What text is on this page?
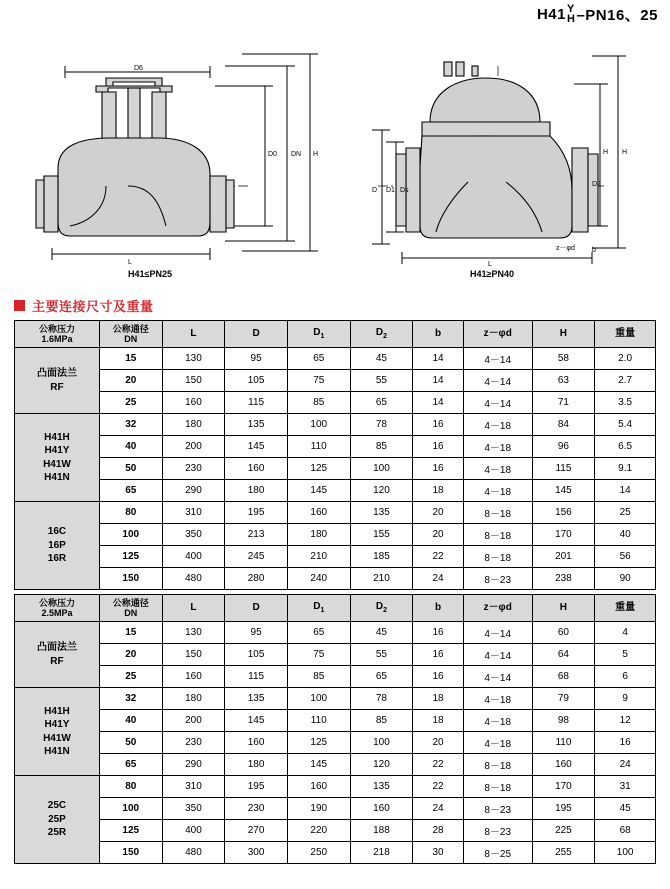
H41 Y
H –PN16、25
D6
H
DN
D0
L
H
H
D D1 Ds
L
D2
z－φd b
H41≤PN25	H41≥PN40
主要连接尺寸及重量
公称压力
1.6MPa	公称通径
DN	L	D	$D_1$	$D_2$	b	z－φd	H	重量
凸面法兰
RF	15	130	95	65	45	14	4－14	58	2.0
	20	150	105	75	55	14	4－14	63	2.7
	25	160	115	85	65	14	4－14	71	3.5
H41H
H41Y
H41W
H41N	32	180	135	100	78	16	4－18	84	5.4
	40	200	145	110	85	16	4－18	96	6.5
	50	230	160	125	100	16	4－18	115	9.1
	65	290	180	145	120	18	4－18	145	14
16C
16P
16R	80	310	195	160	135	20	8－18	156	25
	100	350	213	180	155	20	8－18	170	40
	125	400	245	210	185	22	8－18	201	56
	150	480	280	240	210	24	8－23	238	90
公称压力
2.5MPa	公称通径
DN	L	D	$D_1$	$D_2$	b	z－φd	H	重量
凸面法兰
RF	15	130	95	65	45	16	4－14	60	4
	20	150	105	75	55	16	4－14	64	5
	25	160	115	85	65	16	4－14	68	6
H41H
H41Y
H41W
H41N	32	180	135	100	78	18	4－18	79	9
	40	200	145	110	85	18	4－18	98	12
	50	230	160	125	100	20	4－18	110	16
	65	290	180	145	120	22	8－18	160	24
25C
25P
25R	80	310	195	160	135	22	8－18	170	31
	100	350	230	190	160	24	8－23	195	45
	125	400	270	220	188	28	8－23	225	68
	150	480	300	250	218	30	8－25	255	100
